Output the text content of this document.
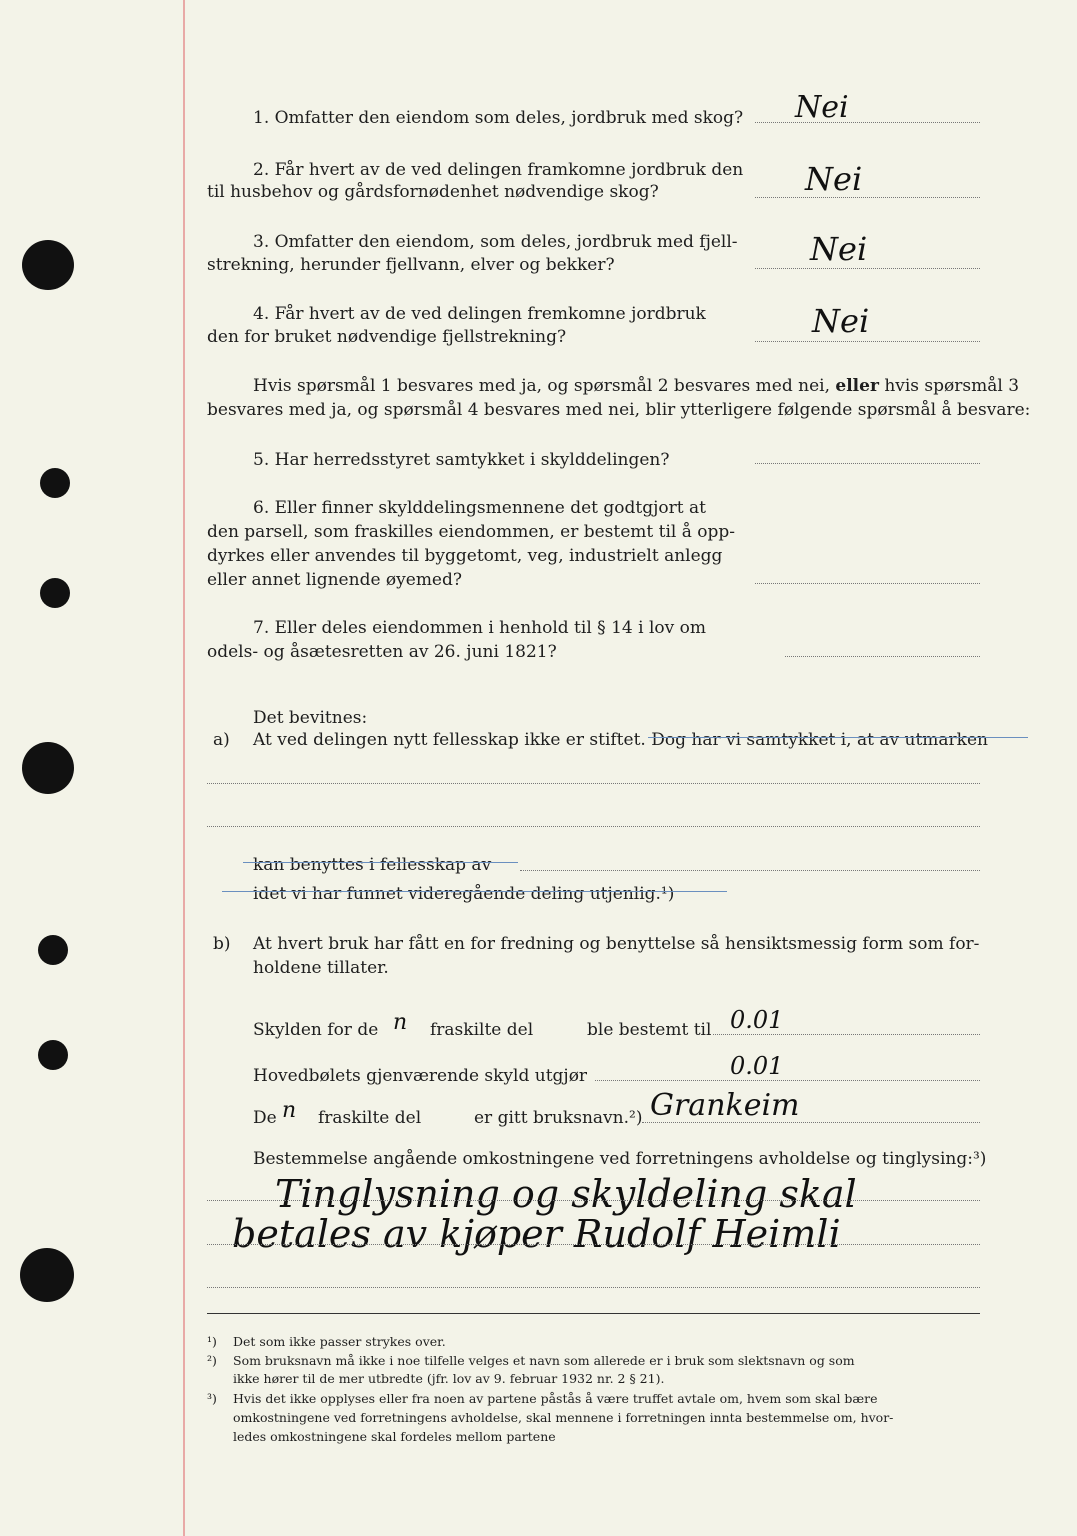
1. Omfatter den eiendom som deles, jordbruk med skog? Nei
2. Får hvert av de ved delingen framkomne jordbruk den
til husbehov og gårdsfornødenhet nødvendige skog?	Nei
3. Omfatter den eiendom, som deles, jordbruk med fjell-
strekning, herunder fjellvann, elver og bekker?	Nei
4. Får hvert av de ved delingen fremkomne jordbruk
den for bruket nødvendige fjellstrekning?	Nei
Hvis spørsmål 1 besvares med ja, og spørsmål 2 besvares med nei, eller hvis spørsmål 3
besvares med ja, og spørsmål 4 besvares med nei, blir ytterligere følgende spørsmål å besvare:
5. Har herredsstyret samtykket i skylddelingen?
6. Eller finner skylddelingsmennene det godtgjort at
den parsell, som fraskilles eiendommen, er bestemt til å opp-
dyrkes eller anvendes til byggetomt, veg, industrielt anlegg
eller annet lignende øyemed?
7. Eller deles eiendommen i henhold til § 14 i lov om
odels- og åsætesretten av 26. juni 1821?
Det bevitnes:
a) At ved delingen nytt fellesskap ikke er stiftet. Dog har vi samtykket i, at av utmarken
kan benyttes i fellesskap av
idet vi har funnet videregående deling utjenlig.¹)
b) At hvert bruk har fått en for fredning og benyttelse så hensiktsmessig form som for-
holdene tillater.
Skylden for de n fraskilte del	ble bestemt til 0.01
Hovedbølets gjenværende skyld utgjør	0.01
De n fraskilte del	er gitt bruksnavn.²) Grankeim
Bestemmelse angående omkostningene ved forretningens avholdelse og tinglysing:³)
Tinglysning og skyldeling skal
betales av kjøper Rudolf Heimli
¹) Det som ikke passer strykes over.
²) Som bruksnavn må ikke i noe tilfelle velges et navn som allerede er i bruk som slektsnavn og som
ikke hører til de mer utbredte (jfr. lov av 9. februar 1932 nr. 2 § 21).
³) Hvis det ikke opplyses eller fra noen av partene påstås å være truffet avtale om, hvem som skal bære
omkostningene ved forretningens avholdelse, skal mennene i forretningen innta bestemmelse om, hvor-
ledes omkostningene skal fordeles mellom partene
